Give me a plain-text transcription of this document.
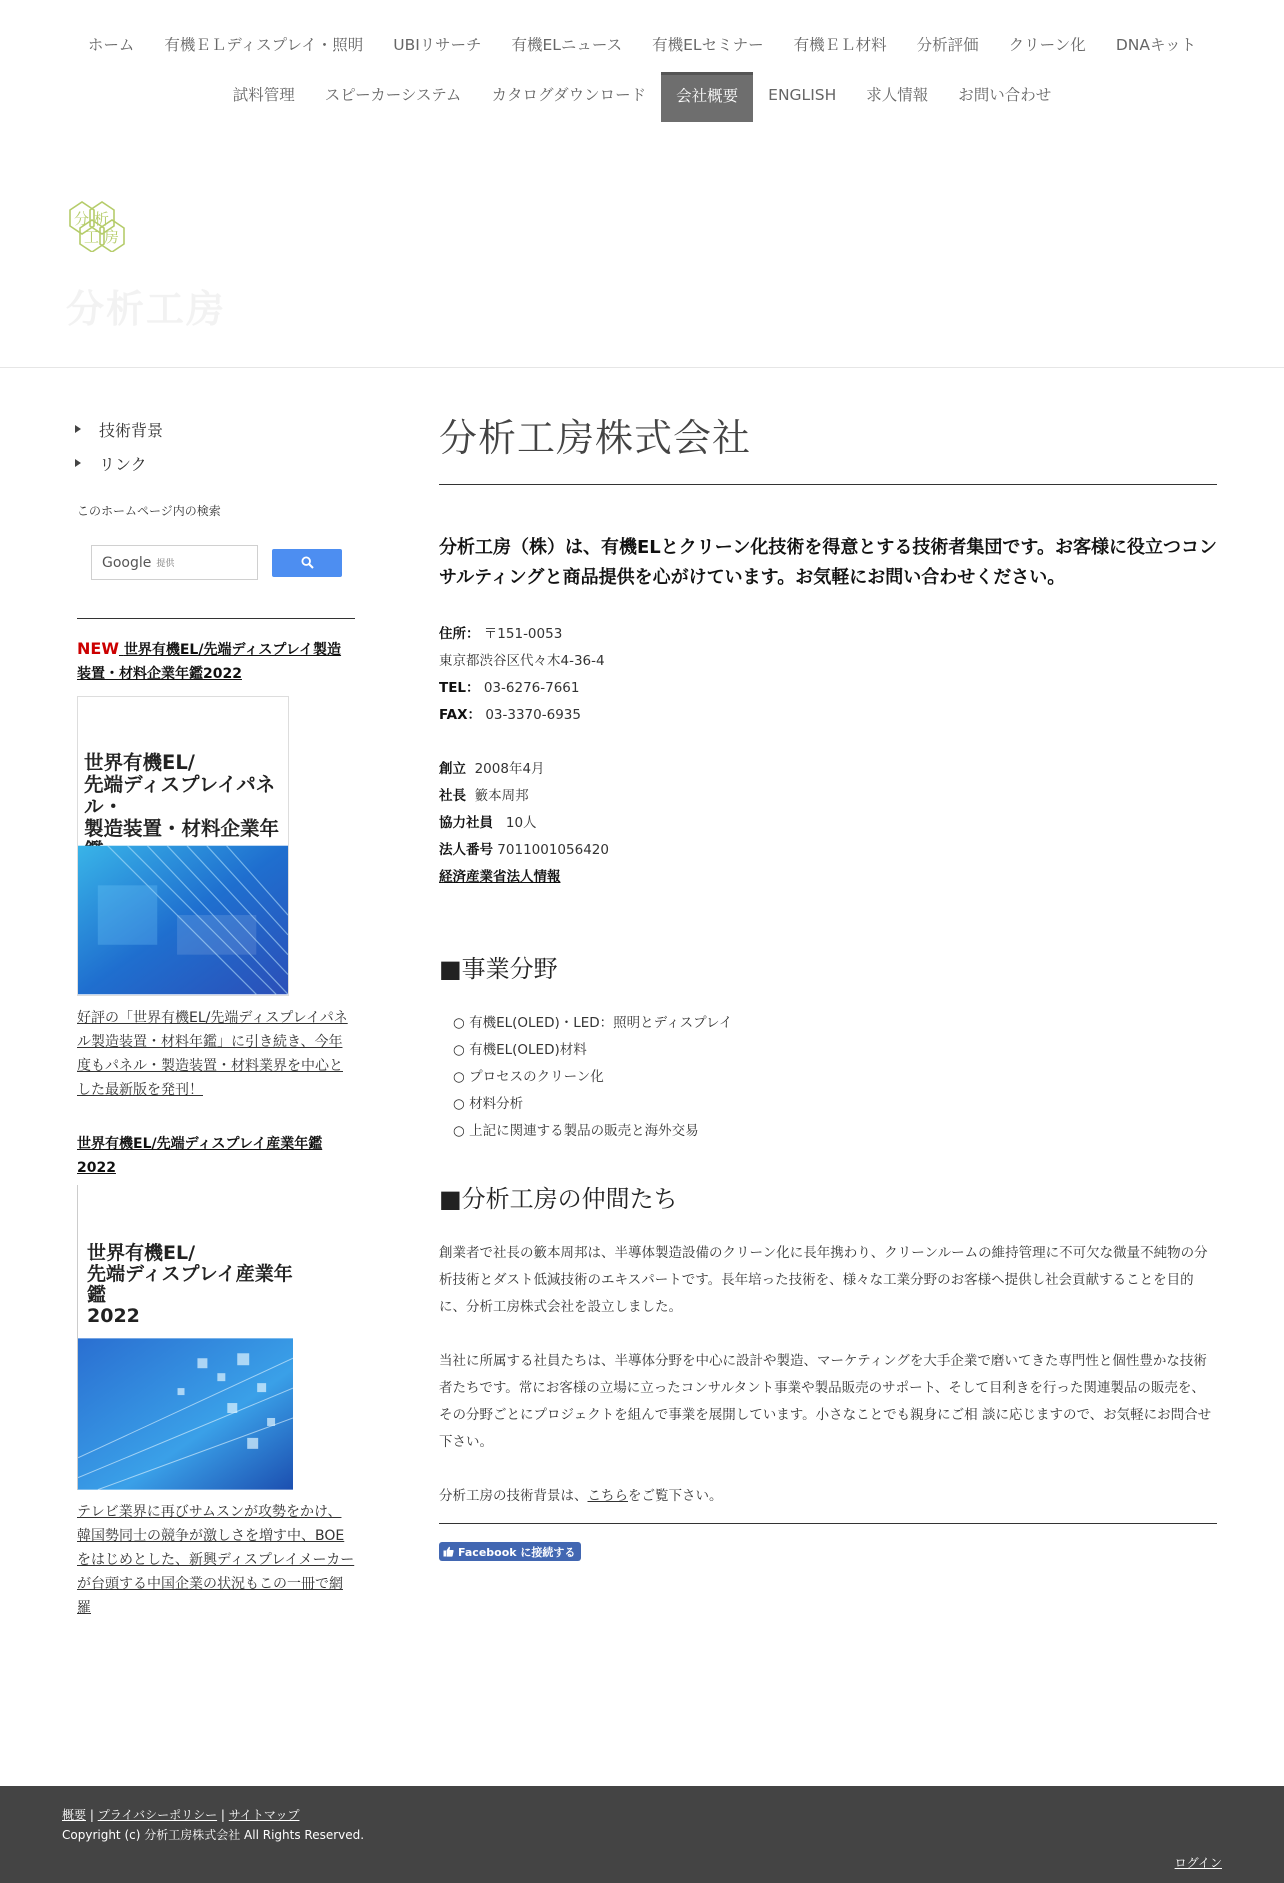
ホーム	有機ＥＬディスプレイ・照明	UBIリサーチ	有機ELニュース	有機ELセミナー	有機ＥＬ材料	分析評価	クリーン化	DNAキット
試料管理	スピーカーシステム	カタログダウンロード	会社概要	ENGLISH	求人情報	お問い合わせ
分 析
工 房
分析工房
技術背景
リンク
このホームページ内の検索
Google 提供
NEW 世界有機EL/先端ディスプレイ製造装置・材料企業年鑑2022
世界有機EL/
先端ディスプレイパネル・
製造装置・材料企業年
好評の「世界有機EL/先端ディスプレイパネル製造装置・材料年鑑」に引き続き、今年度もパネル・製造装置・材料業界を中心とした最新版を発刊！
世界有機EL/先端ディスプレイ産業年鑑2022
世界有機EL/
先端ディスプレイ産業年鑑
2022
テレビ業界に再びサムスンが攻勢をかけ、韓国勢同士の競争が激しさを増す中、BOEをはじめとした、新興ディスプレイメーカーが台頭する中国企業の状況もこの一冊で網羅
分析工房株式会社

分析工房（株）は、有機ELとクリーン化技術を得意とする技術者集団です。お客様に役立つコンサルティングと商品提供を心がけています。お気軽にお問い合わせください。

住所： 〒151-0053
東京都渋谷区代々木4-36-4
TEL： 03-6276-7661
FAX： 03-3370-6935
創立 2008年4月
社長 籔本周邦
協力社員 10人
法人番号 7011001056420
経済産業省法人情報
■事業分野
○ 有機EL(OLED)・LED：照明とディスプレイ
○ 有機EL(OLED)材料
○ プロセスのクリーン化
○ 材料分析
○ 上記に関連する製品の販売と海外交易
■分析工房の仲間たち

創業者で社長の籔本周邦は、半導体製造設備のクリーン化に長年携わり、クリーンルームの維持管理に不可欠な微量不純物の分析技術とダスト低減技術のエキスパートです。長年培った技術を、様々な工業分野のお客様へ提供し社会貢献することを目的に、分析工房株式会社を設立しました。

当社に所属する社員たちは、半導体分野を中心に設計や製造、マーケティングを大手企業で磨いてきた専門性と個性豊かな技術者たちです。常にお客様の立場に立ったコンサルタント事業や製品販売のサポート、そして目利きを行った関連製品の販売を、その分野ごとにプロジェクトを組んで事業を展開しています。小さなことでも親身にご相 談に応じますので、お気軽にお問合せ下さい。

分析工房の技術背景は、こちらをご覧下さい。

Facebook に接続する
概要 | プライバシーポリシー | サイトマップ
Copyright (c) 分析工房株式会社 All Rights Reserved.
ログイン
